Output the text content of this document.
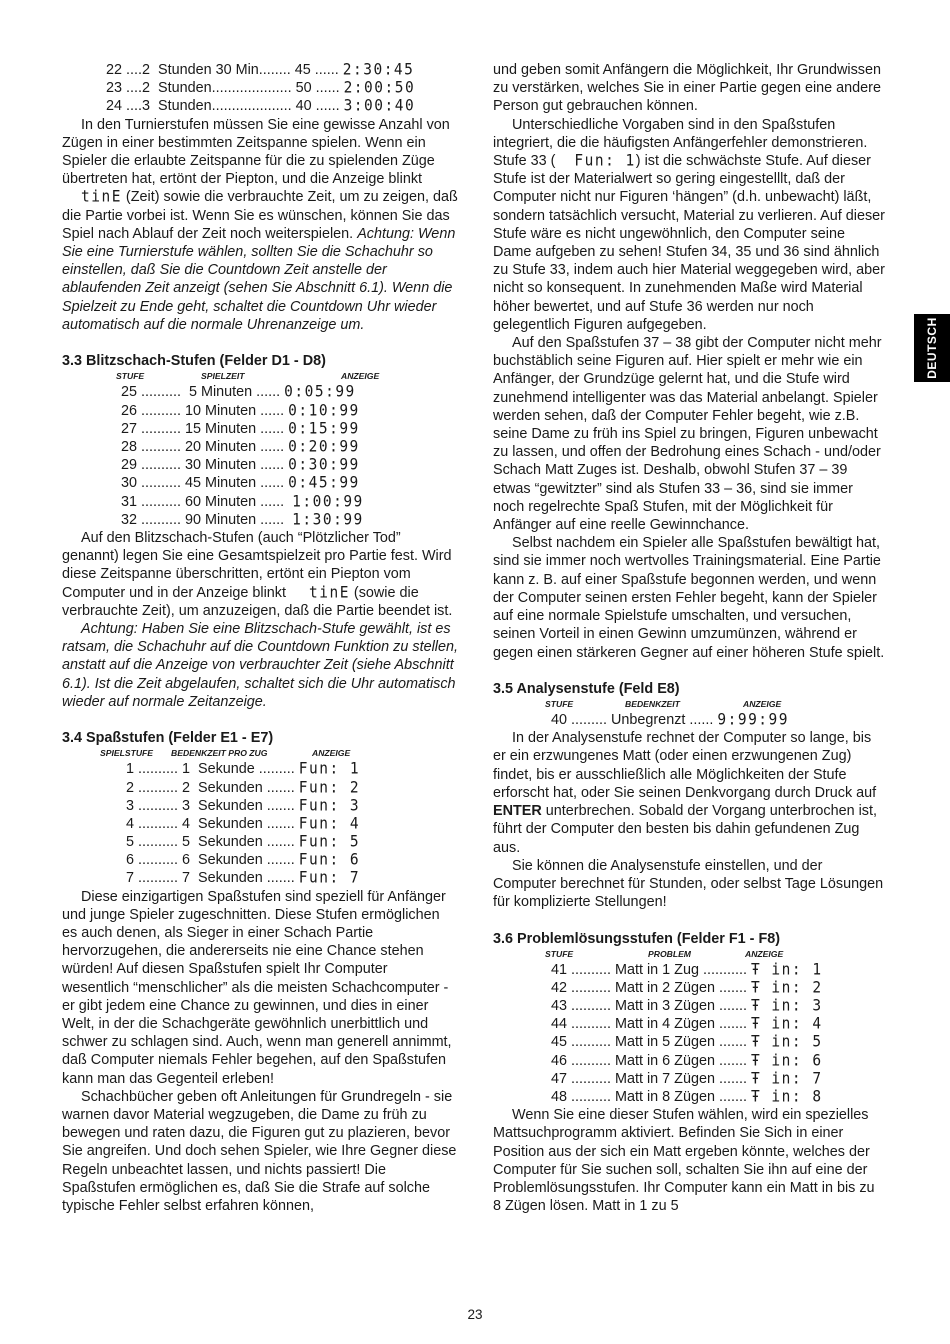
22 ....2  Stunden 30 Min........ 45 ...... 2:30:45
23 ....2  Stunden.................... 50 ...... 2:00:50
24 ....3  Stunden.................... 40 ...... 3:00:40

In den Turnierstufen müssen Sie eine gewisse Anzahl von Zügen in einer bestimmten Zeitspanne spielen. Wenn ein Spieler die erlaubte Zeitspanne für die zu spielenden Züge übertreten hat, ertönt der Piepton, und die Anzeige blinkt tinE (Zeit) sowie die verbrauchte Zeit, um zu zeigen, daß die Partie vorbei ist. Wenn Sie es wünschen, können Sie das Spiel nach Ablauf der Zeit noch weiterspielen. Achtung: Wenn Sie eine Turnierstufe wählen, sollten Sie die Schachuhr so einstellen, daß Sie die Countdown Zeit anstelle der ablaufenden Zeit anzeigt (sehen Sie Abschnitt 6.1). Wenn die Spielzeit zu Ende geht, schaltet die Countdown Uhr wieder automatisch auf die normale Uhrenanzeige um.

3.3 Blitzschach-Stufen (Felder D1 - D8)
STUFE	SPIELZEIT	ANZEIGE
25 ..........  5 Minuten ...... 0:05:99
26 .......... 10 Minuten ...... 0:10:99
27 .......... 15 Minuten ...... 0:15:99
28 .......... 20 Minuten ...... 0:20:99
29 .......... 30 Minuten ...... 0:30:99
30 .......... 45 Minuten ...... 0:45:99
31 .......... 60 Minuten ......  1:00:99
32 .......... 90 Minuten ......  1:30:99

Auf den Blitzschach-Stufen (auch “Plötzlicher Tod” genannt) legen Sie eine Gesamtspielzeit pro Partie fest. Wird diese Zeitspanne überschritten, ertönt ein Piepton vom Computer und in der Anzeige blinkt tinE (sowie die verbrauchte Zeit), um anzuzeigen, daß die Partie beendet ist.

Achtung: Haben Sie eine Blitzschach-Stufe gewählt, ist es ratsam, die Schachuhr auf die Countdown Funktion zu stellen, anstatt auf die Anzeige von verbrauchter Zeit (siehe Abschnitt 6.1). Ist die Zeit abgelaufen, schaltet sich die Uhr automatisch wieder auf normale Zeitanzeige.

3.4 Spaßstufen (Felder E1 - E7)
SPIELSTUFE BEDENKZEIT PRO ZUG	ANZEIGE
1 .......... 1  Sekunde ......... Fun: 1
2 .......... 2  Sekunden ....... Fun: 2
3 .......... 3  Sekunden ....... Fun: 3
4 .......... 4  Sekunden ....... Fun: 4
5 .......... 5  Sekunden ....... Fun: 5
6 .......... 6  Sekunden ....... Fun: 6
7 .......... 7  Sekunden ....... Fun: 7

Diese einzigartigen Spaßstufen sind speziell für Anfänger und junge Spieler zugeschnitten. Diese Stufen ermöglichen es auch denen, als Sieger in einer Schach Partie hervorzugehen, die andererseits nie eine Chance stehen würden! Auf diesen Spaßstufen spielt Ihr Computer wesentlich “menschlicher” als die meisten Schachcomputer - er gibt jedem eine Chance zu gewinnen, und dies in einer Welt, in der die Schachgeräte gewöhnlich unerbittlich und schwer zu schlagen sind. Auch, wenn man generell annimmt, daß Computer niemals Fehler begehen, auf den Spaßstufen kann man das Gegenteil erleben!

Schachbücher geben oft Anleitungen für Grundregeln - sie warnen davor Material wegzugeben, die Dame zu früh zu bewegen und raten dazu, die Figuren gut zu plazieren, bevor Sie angreifen. Und doch sehen Spieler, wie Ihre Gegner diese Regeln unbeachtet lassen, und nichts passiert! Die Spaßstufen ermöglichen es, daß Sie die Strafe auf solche typische Fehler selbst erfahren können,

und geben somit Anfängern die Möglichkeit, Ihr Grundwissen zu verstärken, welches Sie in einer Partie gegen eine andere Person gut gebrauchen können.

Unterschiedliche Vorgaben sind in den Spaßstufen integriert, die die häufigsten Anfängerfehler demonstrieren. Stufe 33 ( Fun: 1) ist die schwächste Stufe. Auf dieser Stufe ist der Materialwert so gering eingestelllt, daß der Computer nicht nur Figuren ‘hängen” (d.h. unbewacht) läßt, sondern tatsächlich versucht, Material zu verlieren. Auf dieser Stufe wäre es nicht ungewöhnlich, den Computer seine Dame aufgeben zu sehen! Stufen 34, 35 und 36 sind ähnlich zu Stufe 33, indem auch hier Material weggegeben wird, aber nicht so konsequent. In zunehmenden Maße wird Material höher bewertet, und auf Stufe 36 werden nur noch gelegentlich Figuren aufgegeben.

Auf den Spaßstufen 37 – 38 gibt der Computer nicht mehr buchstäblich seine Figuren auf. Hier spielt er mehr wie ein Anfänger, der Grundzüge gelernt hat, und die Stufe wird zunehmend intelligenter was das Material anbelangt. Spieler werden sehen, daß der Computer Fehler begeht, wie z.B. seine Dame zu früh ins Spiel zu bringen, Figuren unbewacht zu lassen, und offen der Bedrohung eines Schach - und/oder Schach Matt Zuges ist. Deshalb, obwohl Stufen 37 – 39 etwas “gewitzter” sind als Stufen 33 – 36, sind sie immer noch regelrechte Spaß Stufen, mit der Möglichkeit für Anfänger auf eine reelle Gewinnchance.

Selbst nachdem ein Spieler alle Spaßstufen bewältigt hat, sind sie immer noch wertvolles Trainingsmaterial. Eine Partie kann z. B. auf einer Spaßstufe begonnen werden, und wenn der Computer seinen ersten Fehler begeht, kann der Spieler auf eine normale Spielstufe umschalten, und versuchen, seinen Vorteil in einen Gewinn umzumünzen, während er gegen einen stärkeren Gegner auf einer höheren Stufe spielt.

3.5 Analysenstufe (Feld E8)
STUFE	BEDENKZEIT	ANZEIGE
40 ......... Unbegrenzt ...... 9:99:99

In der Analysenstufe rechnet der Computer so lange, bis er ein erzwungenes Matt (oder einen erzwungenen Zug) findet, bis er ausschließlich alle Möglichkeiten der Stufe erforscht hat, oder Sie seinen Denkvorgang durch Druck auf ENTER unterbrechen. Sobald der Vorgang unterbrochen ist, führt der Computer den besten bis dahin gefundenen Zug aus.

Sie können die Analysenstufe einstellen, und der Computer berechnet für Stunden, oder selbst Tage Lösungen für komplizierte Stellungen!

3.6 Problemlösungsstufen (Felder F1 - F8)
STUFE	PROBLEM	ANZEIGE
41 .......... Matt in 1 Zug ........... Ŧ in: 1
42 .......... Matt in 2 Zügen ....... Ŧ in: 2
43 .......... Matt in 3 Zügen ....... Ŧ in: 3
44 .......... Matt in 4 Zügen ....... Ŧ in: 4
45 .......... Matt in 5 Zügen ....... Ŧ in: 5
46 .......... Matt in 6 Zügen ....... Ŧ in: 6
47 .......... Matt in 7 Zügen ....... Ŧ in: 7
48 .......... Matt in 8 Zügen ....... Ŧ in: 8

Wenn Sie eine dieser Stufen wählen, wird ein spezielles Mattsuchprogramm aktiviert. Befinden Sie Sich in einer Position aus der sich ein Matt ergeben könnte, welches der Computer für Sie suchen soll, schalten Sie ihn auf eine der Problemlösungsstufen. Ihr Computer kann ein Matt in bis zu 8 Zügen lösen. Matt in 1 zu 5

DEUTSCH
23
